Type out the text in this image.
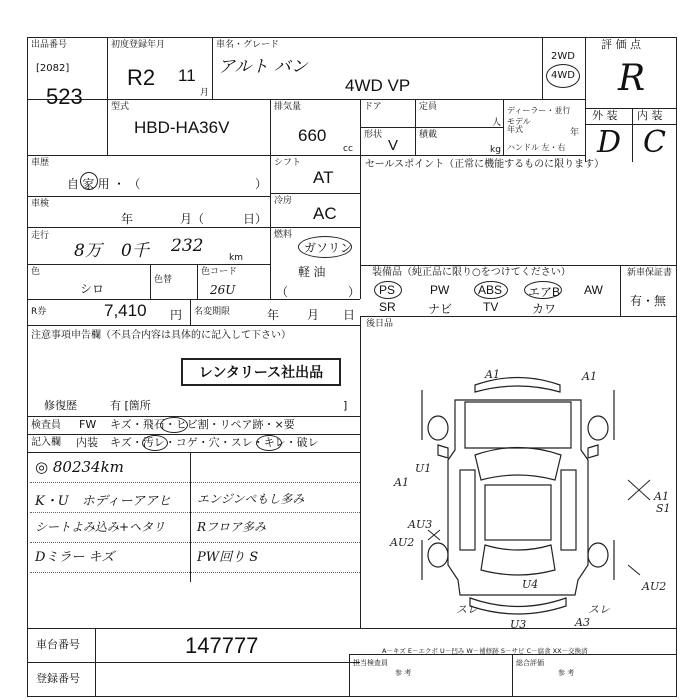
出品番号
[2082]
523
初度登録年月
R2 11
月
車名・グレード
アルト バン
4WD VP
2WD
4WD
評 価 点
R
外 装 内 装
D C
型式
HBD-HA36V
排気量
660
cc
ドア
形状
V
定員
人
積載
kg
ディーラー・並行
モデル
年式	年
ハンドル 左・右
車歴
自 家 用 ・ （	）
車検
年	月（	日）
走行
8万 0千 232
km
色
シロ
色替
色コード
26U
シフト
AT
冷房
AC
燃料
ガソリン
軽 油
（　　　　　）
セールスポイント（正常に機能するものに限ります）
装備品（純正品に限り○をつけてください）	新車保証書
有・無
PS	PW ABS エアB AW
SR	ナビ	TV	カワ
後日品
R券	7,410 円 名変期限	年 月 日
注意事項申告欄（不具合内容は具体的に記入して下さい）
レンタリース社出品
修復歴	有 [箇所	]
検査員 FW キズ・飛石・ヒビ割・リペア跡・×要
記入欄 内装 キズ・汚レ・コゲ・穴・スレ・キレ・破レ
◎ 80234km
K・U　ホディーアアヒ エンジンペもし多み
シートよみ込み+ヘタリ	Rフロア多み
Dミラー キズ	PW回り S
車台番号	147777
登録番号
A1	A1
U1
A1
AU3
AU2
A1
S1
U4	AU2
スレ	スレ
U3	A3
A－キズ E－エクボ U－凹み W－補修跡 S－サビ C－腐食 XX－交換済
担当検査員
参 考
総合評価
参 考
